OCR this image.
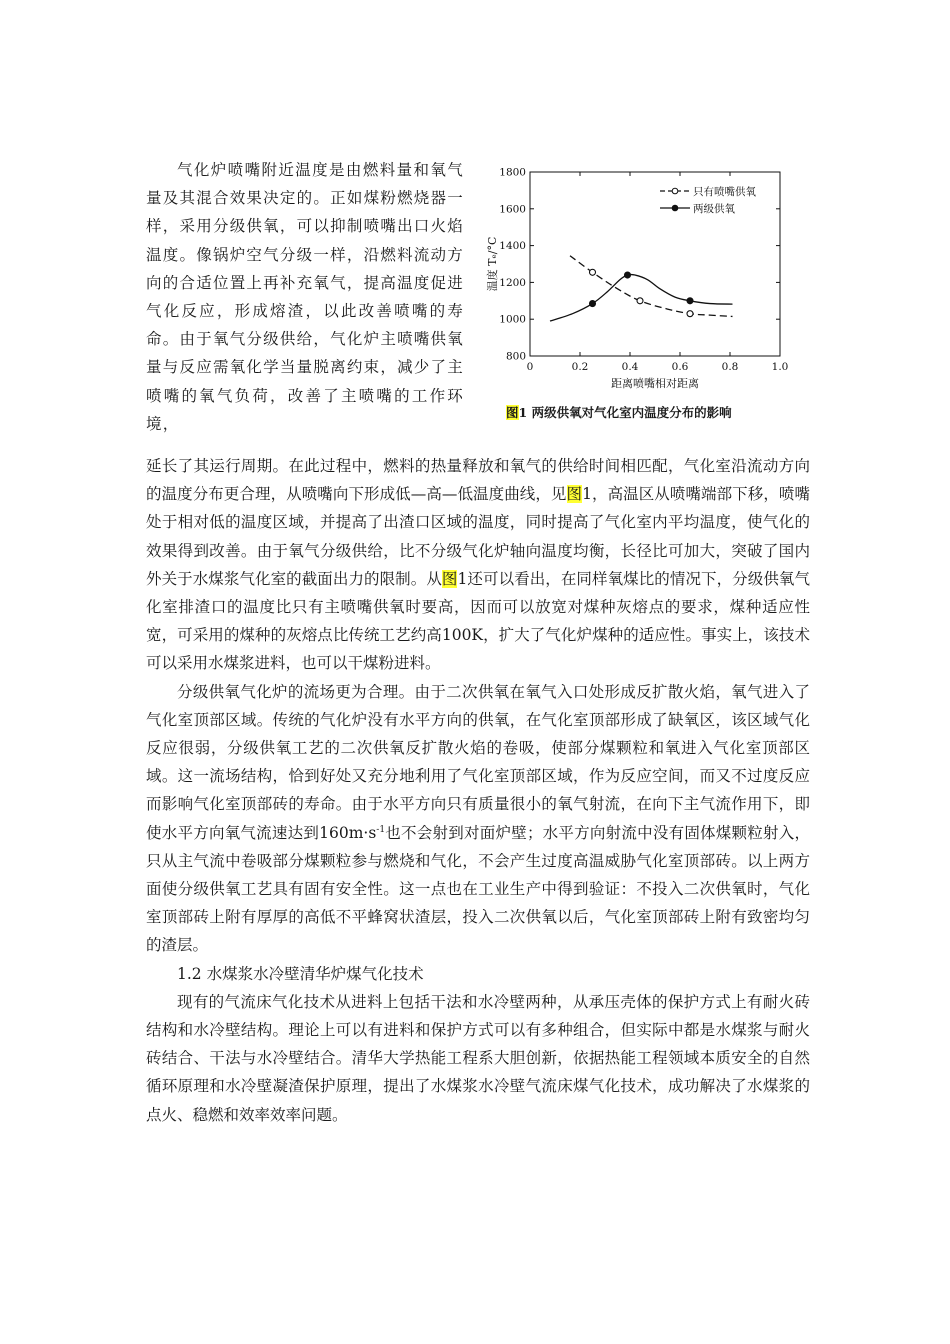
气化炉喷嘴附近温度是由燃料量和氧气量及其混合效果决定的。正如煤粉燃烧器一样，采用分级供氧，可以抑制喷嘴出口火焰温度。像锅炉空气分级一样，沿燃料流动方向的合适位置上再补充氧气，提高温度促进气化反应，形成熔渣，以此改善喷嘴的寿命。由于氧气分级供给，气化炉主喷嘴供氧量与反应需氧化学当量脱离约束，减少了主喷嘴的氧气负荷，改善了主喷嘴的工作环境，

800
1000
1200
1400
1600
1800
0	0.2	0.4	0.6	0.8	1.0
距离喷嘴相对距离
温度 Tₑ/°C
只有喷嘴供氧
两级供氧
图1 两级供氧对气化室内温度分布的影响

延长了其运行周期。在此过程中，燃料的热量释放和氧气的供给时间相匹配，气化室沿流动方向的温度分布更合理，从喷嘴向下形成低—高—低温度曲线，见图1，高温区从喷嘴端部下移，喷嘴处于相对低的温度区域，并提高了出渣口区域的温度，同时提高了气化室内平均温度，使气化的效果得到改善。由于氧气分级供给，比不分级气化炉轴向温度均衡，长径比可加大，突破了国内外关于水煤浆气化室的截面出力的限制。从图1还可以看出，在同样氧煤比的情况下，分级供氧气化室排渣口的温度比只有主喷嘴供氧时要高，因而可以放宽对煤种灰熔点的要求，煤种适应性宽，可采用的煤种的灰熔点比传统工艺约高100K，扩大了气化炉煤种的适应性。事实上，该技术可以采用水煤浆进料，也可以干煤粉进料。

分级供氧气化炉的流场更为合理。由于二次供氧在氧气入口处形成反扩散火焰，氧气进入了气化室顶部区域。传统的气化炉没有水平方向的供氧，在气化室顶部形成了缺氧区，该区域气化反应很弱，分级供氧工艺的二次供氧反扩散火焰的卷吸，使部分煤颗粒和氧进入气化室顶部区域。这一流场结构，恰到好处又充分地利用了气化室顶部区域，作为反应空间，而又不过度反应而影响气化室顶部砖的寿命。由于水平方向只有质量很小的氧气射流，在向下主气流作用下，即使水平方向氧气流速达到$160m\cdot s^{-1}$也不会射到对面炉壁；水平方向射流中没有固体煤颗粒射入，只从主气流中卷吸部分煤颗粒参与燃烧和气化，不会产生过度高温威胁气化室顶部砖。以上两方面使分级供氧工艺具有固有安全性。这一点也在工业生产中得到验证：不投入二次供氧时，气化室顶部砖上附有厚厚的高低不平蜂窝状渣层，投入二次供氧以后，气化室顶部砖上附有致密均匀的渣层。

1.2 水煤浆水冷壁清华炉煤气化技术

现有的气流床气化技术从进料上包括干法和水冷壁两种，从承压壳体的保护方式上有耐火砖结构和水冷壁结构。理论上可以有进料和保护方式可以有多种组合，但实际中都是水煤浆与耐火砖结合、干法与水冷壁结合。清华大学热能工程系大胆创新，依据热能工程领域本质安全的自然循环原理和水冷壁凝渣保护原理，提出了水煤浆水冷壁气流床煤气化技术，成功解决了水煤浆的点火、稳燃和效率效率问题。
